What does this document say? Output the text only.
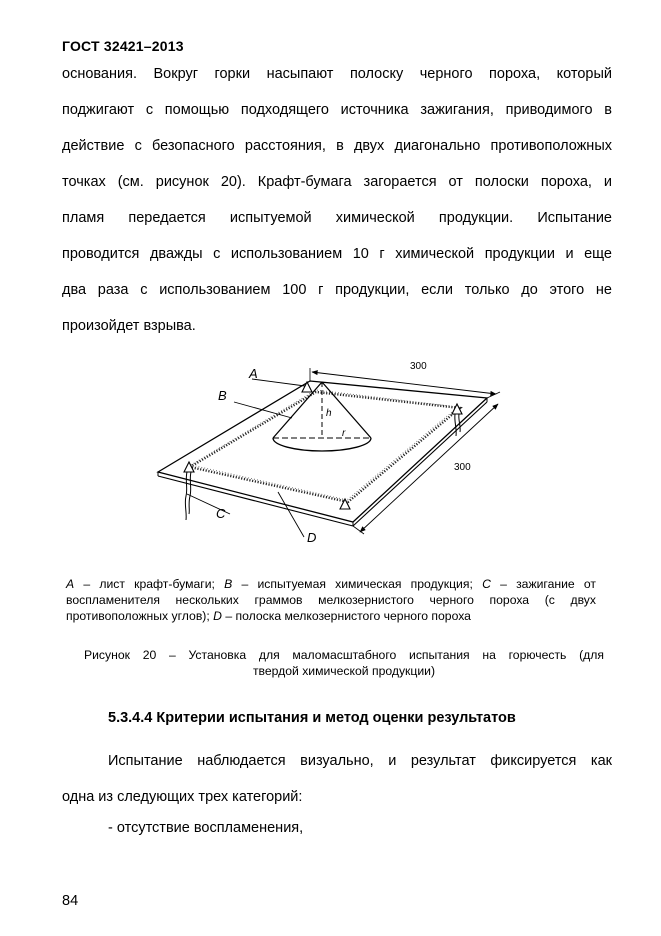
ГОСТ 32421–2013

основания. Вокруг горки насыпают полоску черного пороха, который

поджигают с помощью подходящего источника зажигания, приводимого в

действие с безопасного расстояния, в двух диагонально противоположных

точках (см. рисунок 20). Крафт-бумага загорается от полоски пороха, и

пламя передается испытуемой химической продукции. Испытание

проводится дважды с использованием 10 г химической продукции и еще

два раза с использованием 100 г продукции, если только до этого не

произойдет взрыва.

A
B
C
D
h
r
300
300
A – лист крафт-бумаги; B – испытуемая химическая продукция; C – зажигание от
воспламенителя нескольких граммов мелкозернистого черного пороха (с двух
противоположных углов); D – полоска мелкозернистого черного пороха
Рисунок 20 – Установка для маломасштабного испытания на горючесть (для
твердой химической продукции)
5.3.4.4 Критерии испытания и метод оценки результатов

Испытание наблюдается визуально, и результат фиксируется как

одна из следующих трех категорий:

- отсутствие воспламенения,
84
